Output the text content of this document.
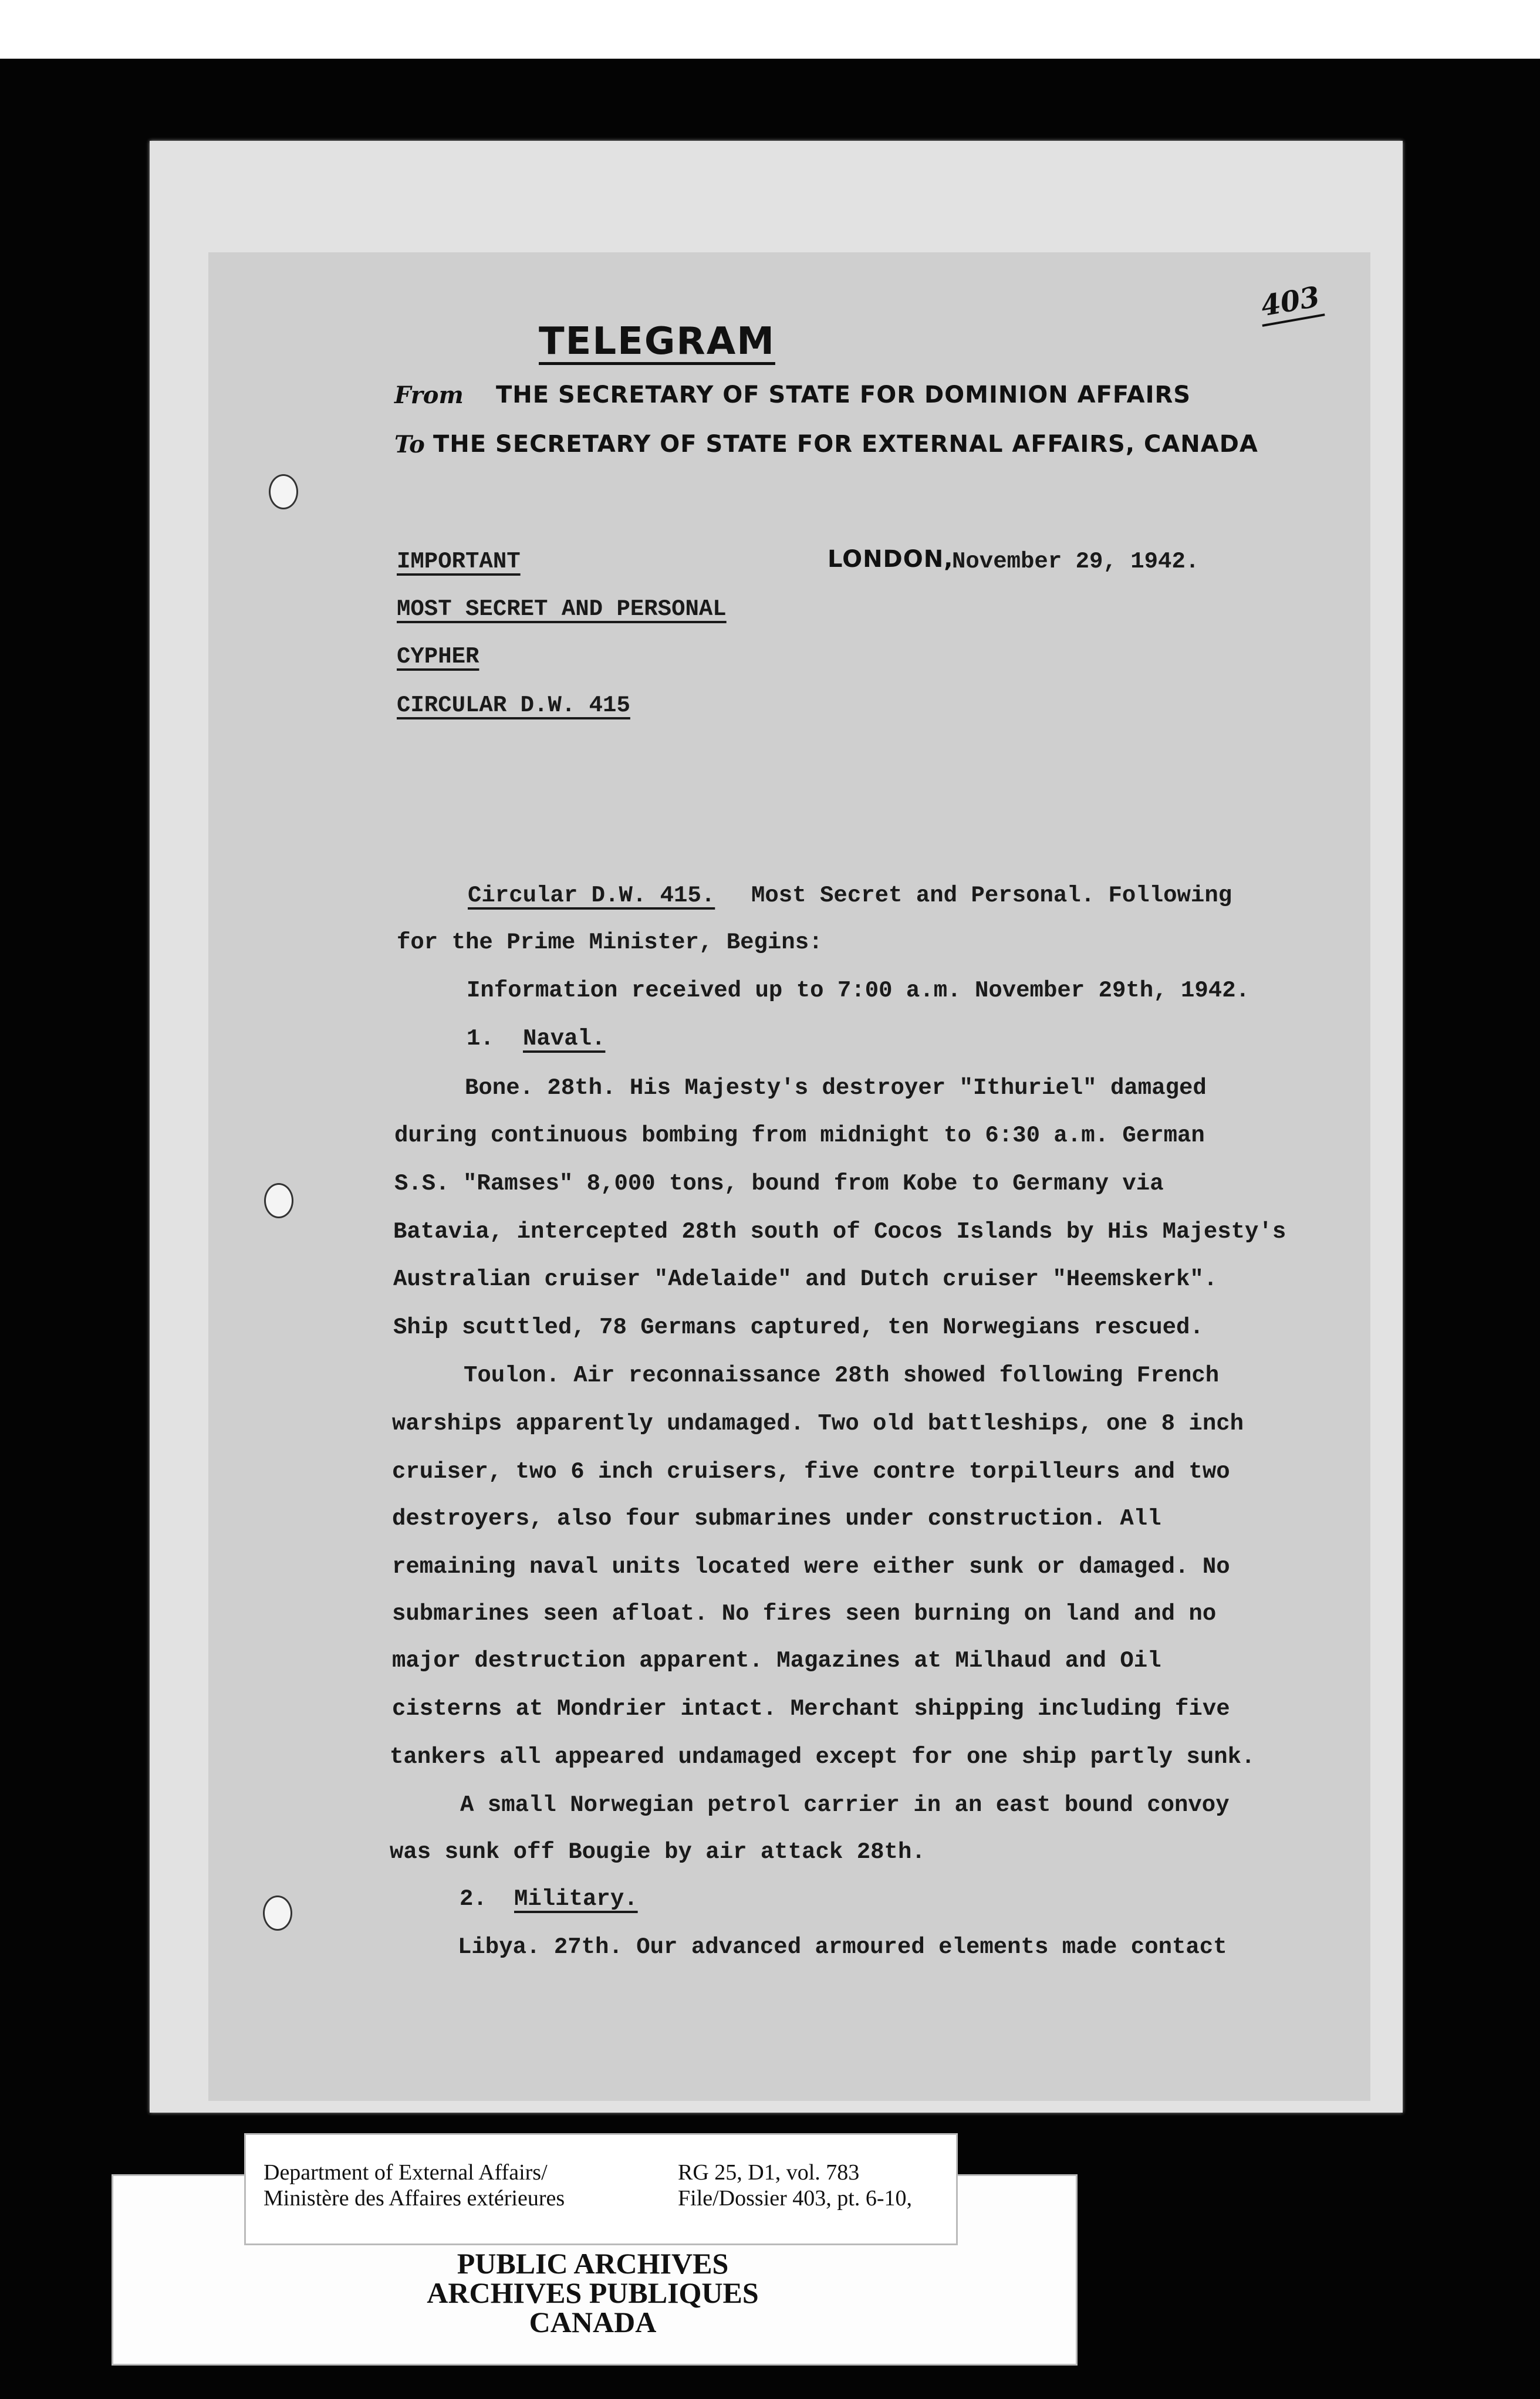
403

TELEGRAM

From THE SECRETARY OF STATE FOR DOMINION AFFAIRS

To THE SECRETARY OF STATE FOR EXTERNAL AFFAIRS, CANADA

IMPORTANT	LONDON,

November 29, 1942.

MOST SECRET AND PERSONAL

CYPHER

CIRCULAR D.W. 415

Circular D.W. 415. Most Secret and Personal. Following

for the Prime Minister, Begins:

Information received up to 7:00 a.m. November 29th, 1942.

1. Naval.

Bone. 28th. His Majesty's destroyer "Ithuriel" damaged

during continuous bombing from midnight to 6:30 a.m. German

S.S. "Ramses" 8,000 tons, bound from Kobe to Germany via

Batavia, intercepted 28th south of Cocos Islands by His Majesty's

Australian cruiser "Adelaide" and Dutch cruiser "Heemskerk".

Ship scuttled, 78 Germans captured, ten Norwegians rescued.

Toulon. Air reconnaissance 28th showed following French

warships apparently undamaged. Two old battleships, one 8 inch

cruiser, two 6 inch cruisers, five contre torpilleurs and two

destroyers, also four submarines under construction. All

remaining naval units located were either sunk or damaged. No

submarines seen afloat. No fires seen burning on land and no

major destruction apparent. Magazines at Milhaud and Oil

cisterns at Mondrier intact. Merchant shipping including five

tankers all appeared undamaged except for one ship partly sunk.

A small Norwegian petrol carrier in an east bound convoy

was sunk off Bougie by air attack 28th.

2. Military.

Libya. 27th. Our advanced armoured elements made contact

Department of External Affairs/
Ministère des Affaires extérieures
RG 25, D1, vol. 783
File/Dossier 403, pt. 6-10,
PUBLIC ARCHIVES
ARCHIVES PUBLIQUES
CANADA
